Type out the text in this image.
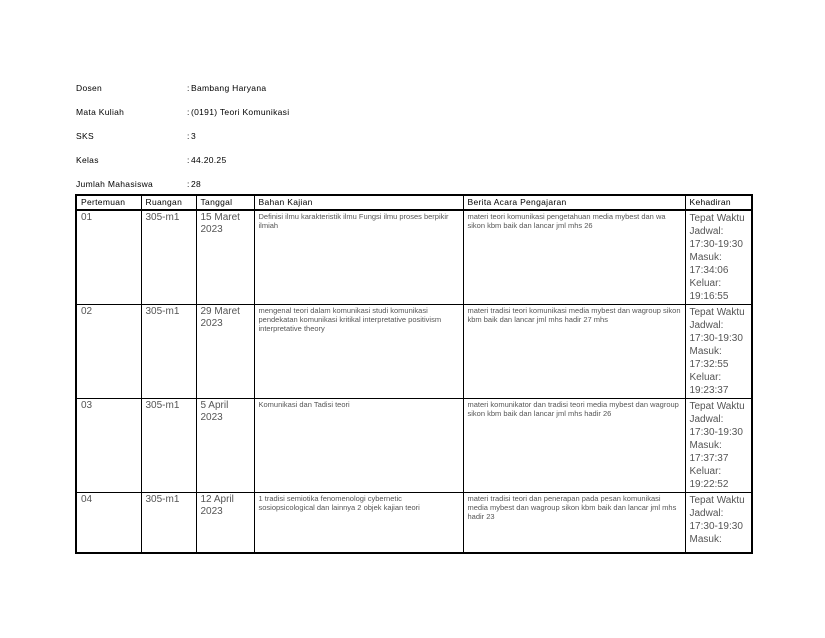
Dosen	: Bambang Haryana
Mata Kuliah	: (0191) Teori Komunikasi
SKS	: 3
Kelas	: 44.20.25
Jumlah Mahasiswa	: 28
Pertemuan	Ruangan	Tanggal	Bahan Kajian	Berita Acara Pengajaran	Kehadiran
01	305-m1	15 Maret 2023	Definisi ilmu karakteristik ilmu Fungsi ilmu proses berpikir ilmiah	materi teori komunikasi pengetahuan media mybest dan wa sikon kbm baik dan lancar jml mhs 26	Tepat Waktu
Jadwal: 17:30-19:30
Masuk: 17:34:06
Keluar: 19:16:55

02	305-m1	29 Maret 2023	mengenal teori dalam komunikasi studi komunikasi pendekatan komunikasi kritikal interpretative positivism interpretative theory	materi tradisi teori komunikasi media mybest dan wagroup sikon kbm baik dan lancar jml mhs hadir 27 mhs	Tepat Waktu
Jadwal: 17:30-19:30
Masuk: 17:32:55
Keluar: 19:23:37

03	305-m1	5 April 2023	Komunikasi dan Tadisi teori	materi komunikator dan tradisi teori media mybest dan wagroup sikon kbm baik dan lancar jml mhs hadir 26	Tepat Waktu
Jadwal: 17:30-19:30
Masuk: 17:37:37
Keluar: 19:22:52

04	305-m1	12 April 2023	1 tradisi semiotika fenomenologi cybernetic sosiopsicological dan lainnya 2 objek kajian teori	materi tradisi teori dan penerapan pada pesan komunikasi media mybest dan wagroup sikon kbm baik dan lancar jml mhs hadir 23	Tepat Waktu
Jadwal: 17:30-19:30
Masuk:
